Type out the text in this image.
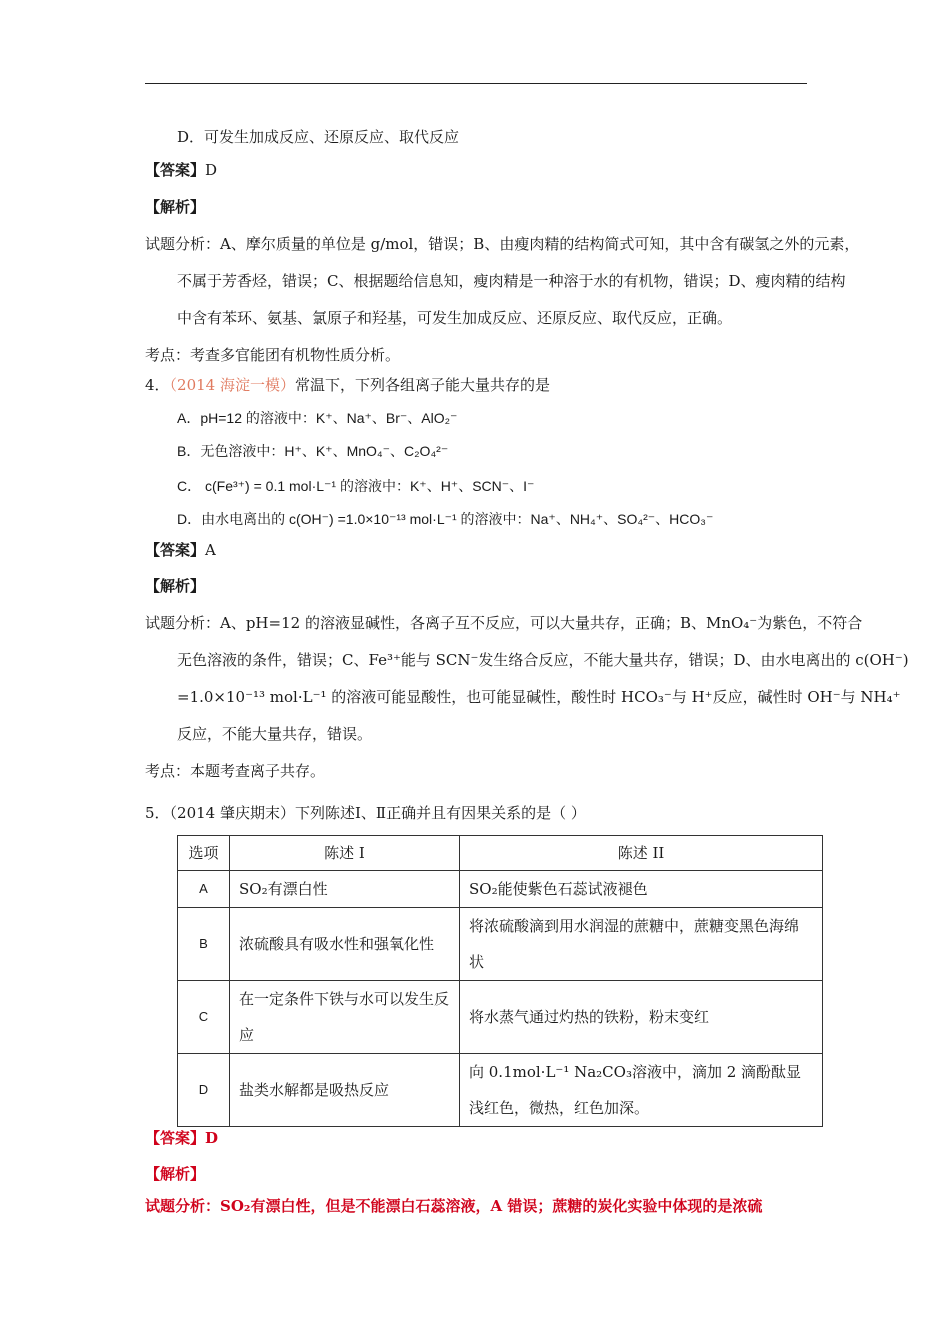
D．可发生加成反应、还原反应、取代反应
【答案】D
【解析】
试题分析：A、摩尔质量的单位是 g/mol，错误；B、由瘦肉精的结构简式可知，其中含有碳氢之外的元素，
不属于芳香烃，错误；C、根据题给信息知，瘦肉精是一种溶于水的有机物，错误；D、瘦肉精的结构
中含有苯环、氨基、氯原子和羟基，可发生加成反应、还原反应、取代反应，正确。
考点：考查多官能团有机物性质分析。
4．（2014 海淀一模）常温下，下列各组离子能大量共存的是
A．pH=12 的溶液中：K⁺、Na⁺、Br⁻、AlO₂⁻
B．无色溶液中：H⁺、K⁺、MnO₄⁻、C₂O₄²⁻
C． c(Fe³⁺) = 0.1 mol·L⁻¹ 的溶液中：K⁺、H⁺、SCN⁻、I⁻
D．由水电离出的 c(OH⁻) =1.0×10⁻¹³ mol·L⁻¹ 的溶液中：Na⁺、NH₄⁺、SO₄²⁻、HCO₃⁻
【答案】A
【解析】
试题分析：A、pH=12 的溶液显碱性，各离子互不反应，可以大量共存，正确；B、MnO₄⁻为紫色，不符合
无色溶液的条件，错误；C、Fe³⁺能与 SCN⁻发生络合反应，不能大量共存，错误；D、由水电离出的 c(OH⁻)
=1.0×10⁻¹³ mol·L⁻¹ 的溶液可能显酸性，也可能显碱性，酸性时 HCO₃⁻与 H⁺反应，碱性时 OH⁻与 NH₄⁺
反应，不能大量共存，错误。
考点：本题考查离子共存。
5．（2014 肇庆期末）下列陈述Ⅰ、Ⅱ正确并且有因果关系的是（ ）
选项	陈述 I	陈述 II
A	SO₂有漂白性	SO₂能使紫色石蕊试液褪色
B	浓硫酸具有吸水性和强氧化性	将浓硫酸滴到用水润湿的蔗糖中，蔗糖变黑色海绵状
C	在一定条件下铁与水可以发生反应	将水蒸气通过灼热的铁粉，粉末变红
D	盐类水解都是吸热反应	向 0.1mol·L⁻¹ Na₂CO₃溶液中，滴加 2 滴酚酞显浅红色，微热，红色加深。
【答案】D
【解析】
试题分析：SO₂有漂白性，但是不能漂白石蕊溶液，A 错误；蔗糖的炭化实验中体现的是浓硫
